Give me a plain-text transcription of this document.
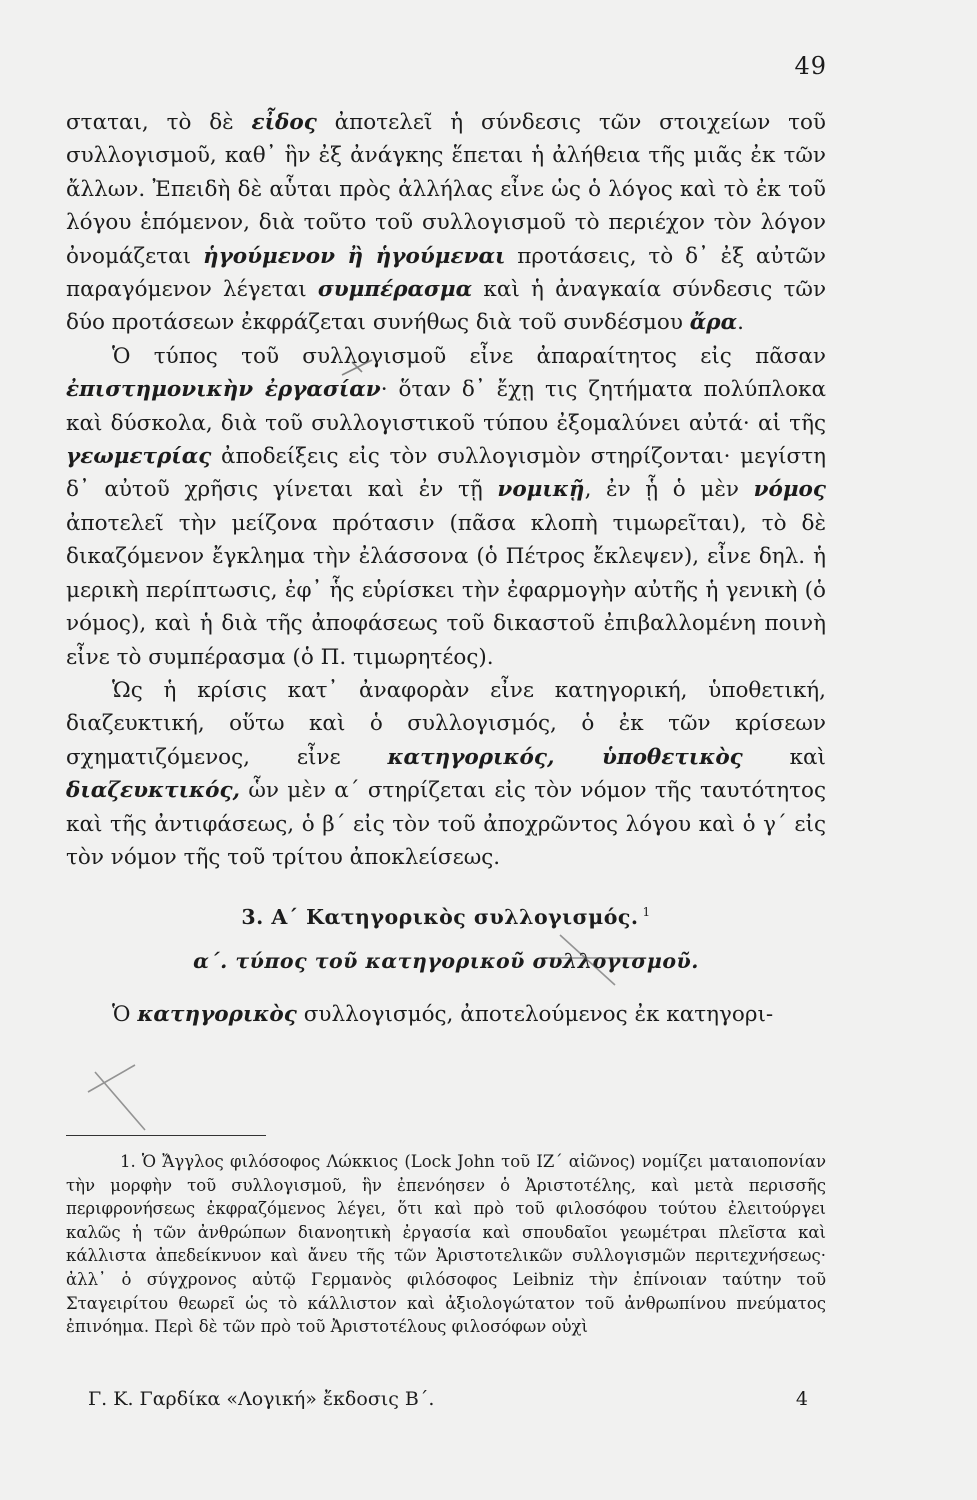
49

σταται, τὸ δὲ εἶδος ἀποτελεῖ ἡ σύνδεσις τῶν στοιχείων τοῦ συλλογισμοῦ, καθ᾽ ἣν ἐξ ἀνάγκης ἕπεται ἡ ἀλήθεια τῆς μιᾶς ἐκ τῶν ἄλλων. Ἐπειδὴ δὲ αὗται πρὸς ἀλλήλας εἶνε ὡς ὁ λόγος καὶ τὸ ἐκ τοῦ λόγου ἑπόμενον, διὰ τοῦτο τοῦ συλλογισμοῦ τὸ περιέχον τὸν λόγον ὀνομάζεται ἡγούμενον ἢ ἡγούμεναι προτάσεις, τὸ δ᾽ ἐξ αὐτῶν παραγόμενον λέγεται συμπέρασμα καὶ ἡ ἀναγκαία σύνδεσις τῶν δύο προτάσεων ἐκφράζεται συνήθως διὰ τοῦ συνδέσμου ἄρα.

Ὁ τύπος τοῦ συλλογισμοῦ εἶνε ἀπαραίτητος εἰς πᾶσαν ἐπιστημονικὴν ἐργασίαν· ὅταν δ᾽ ἔχῃ τις ζητήματα πολύπλοκα καὶ δύσκολα, διὰ τοῦ συλλογιστικοῦ τύπου ἐξομαλύνει αὐτά· αἱ τῆς γεωμετρίας ἀποδείξεις εἰς τὸν συλλογισμὸν στηρίζονται· μεγίστη δ᾽ αὐτοῦ χρῆσις γίνεται καὶ ἐν τῇ νομικῇ, ἐν ᾗ ὁ μὲν νόμος ἀποτελεῖ τὴν μείζονα πρότασιν (πᾶσα κλοπὴ τιμωρεῖται), τὸ δὲ δικαζόμενον ἔγκλημα τὴν ἐλάσσονα (ὁ Πέτρος ἔκλεψεν), εἶνε δηλ. ἡ μερικὴ περίπτωσις, ἐφ᾽ ἧς εὑρίσκει τὴν ἐφαρμογὴν αὐτῆς ἡ γενικὴ (ὁ νόμος), καὶ ἡ διὰ τῆς ἀποφάσεως τοῦ δικαστοῦ ἐπιβαλλομένη ποινὴ εἶνε τὸ συμπέρασμα (ὁ Π. τιμωρητέος).

Ὡς ἡ κρίσις κατ᾽ ἀναφορὰν εἶνε κατηγορική, ὑποθετική, διαζευκτική, οὕτω καὶ ὁ συλλογισμός, ὁ ἐκ τῶν κρίσεων σχηματιζόμενος, εἶνε κατηγορικός, ὑποθετικὸς καὶ διαζευκτικός, ὧν μὲν α´ στηρίζεται εἰς τὸν νόμον τῆς ταυτότητος καὶ τῆς ἀντιφάσεως, ὁ β´ εἰς τὸν τοῦ ἀποχρῶντος λόγου καὶ ὁ γ´ εἰς τὸν νόμον τῆς τοῦ τρίτου ἀποκλείσεως.

3. Α´ Κατηγορικὸς συλλογισμός. $^1$
α´. τύπος τοῦ κατηγορικοῦ συλλογισμοῦ.

Ὁ κατηγορικὸς συλλογισμός, ἀποτελούμενος ἐκ κατηγορι-

1. Ὁ Ἄγγλος φιλόσοφος Λώκκιος (Lock John τοῦ ΙΖ´ αἰῶνος) νομίζει ματαιοπονίαν τὴν μορφὴν τοῦ συλλογισμοῦ, ἣν ἐπενόησεν ὁ Ἀριστοτέλης, καὶ μετὰ περισσῆς περιφρονήσεως ἐκφραζόμενος λέγει, ὅτι καὶ πρὸ τοῦ φιλοσόφου τούτου ἐλειτούργει καλῶς ἡ τῶν ἀνθρώπων διανοητικὴ ἐργασία καὶ σπουδαῖοι γεωμέτραι πλεῖστα καὶ κάλλιστα ἀπεδείκνυον καὶ ἄνευ τῆς τῶν Ἀριστοτελικῶν συλλογισμῶν περιτεχνήσεως· ἀλλ᾽ ὁ σύγχρονος αὐτῷ Γερμανὸς φιλόσοφος Leibniz τὴν ἐπίνοιαν ταύτην τοῦ Σταγειρίτου θεωρεῖ ὡς τὸ κάλλιστον καὶ ἀξιολογώτατον τοῦ ἀνθρωπίνου πνεύματος ἐπινόημα. Περὶ δὲ τῶν πρὸ τοῦ Ἀριστοτέλους φιλοσόφων οὐχὶ

Γ. Κ. Γαρδίκα «Λογική» ἔκδοσις Β´.	4
